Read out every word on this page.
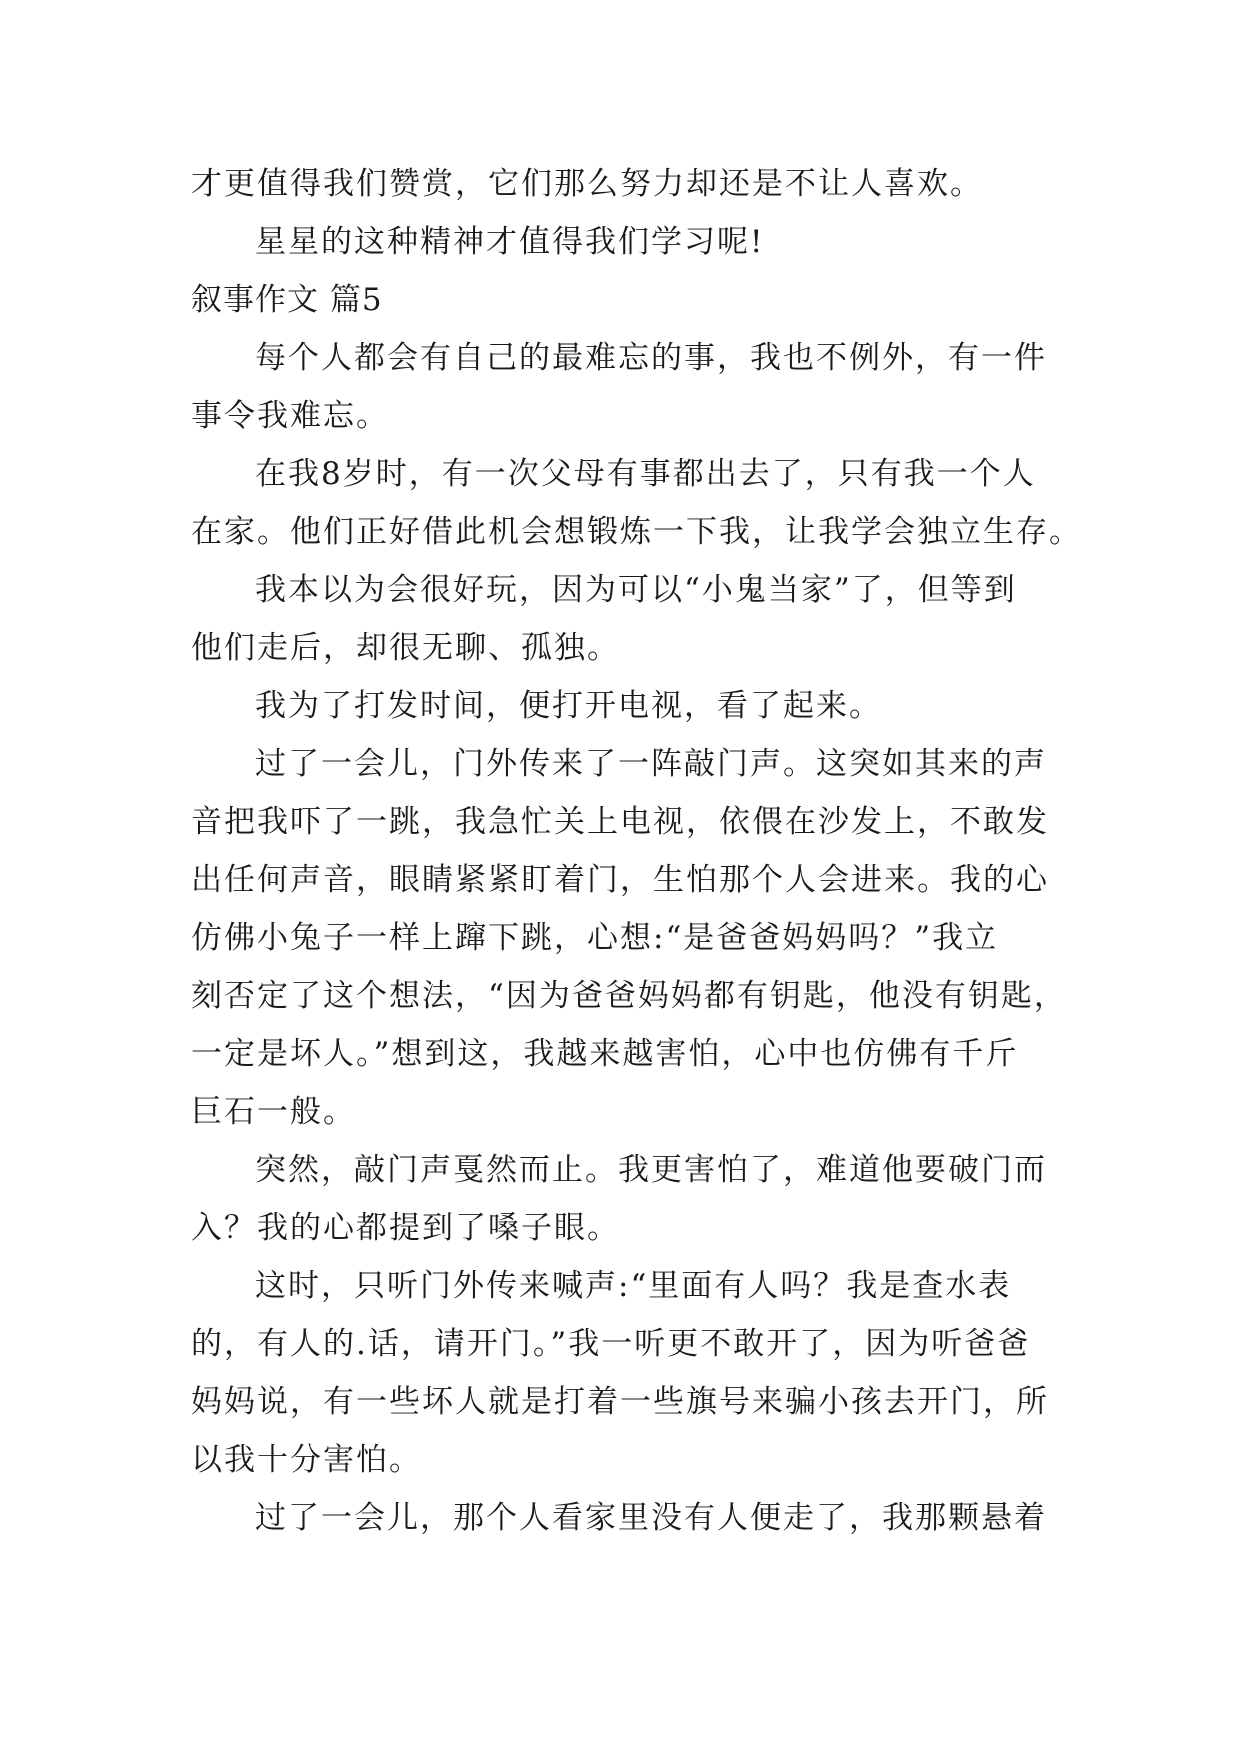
才更值得我们赞赏，它们那么努力却还是不让人喜欢。
星星的这种精神才值得我们学习呢!
叙事作文 篇5
每个人都会有自己的最难忘的事，我也不例外，有一件
事令我难忘。
在我8岁时，有一次父母有事都出去了，只有我一个人
在家。他们正好借此机会想锻炼一下我，让我学会独立生存。
我本以为会很好玩，因为可以“小鬼当家”了，但等到
他们走后，却很无聊、孤独。
我为了打发时间，便打开电视，看了起来。
过了一会儿，门外传来了一阵敲门声。这突如其来的声
音把我吓了一跳，我急忙关上电视，依偎在沙发上，不敢发
出任何声音，眼睛紧紧盯着门，生怕那个人会进来。我的心
仿佛小兔子一样上蹿下跳，心想:“是爸爸妈妈吗？”我立
刻否定了这个想法，“因为爸爸妈妈都有钥匙，他没有钥匙，
一定是坏人。”想到这，我越来越害怕，心中也仿佛有千斤
巨石一般。
突然，敲门声戛然而止。我更害怕了，难道他要破门而
入？我的心都提到了嗓子眼。
这时，只听门外传来喊声:“里面有人吗？我是查水表
的，有人的.话，请开门。”我一听更不敢开了，因为听爸爸
妈妈说，有一些坏人就是打着一些旗号来骗小孩去开门，所
以我十分害怕。
过了一会儿，那个人看家里没有人便走了，我那颗悬着
